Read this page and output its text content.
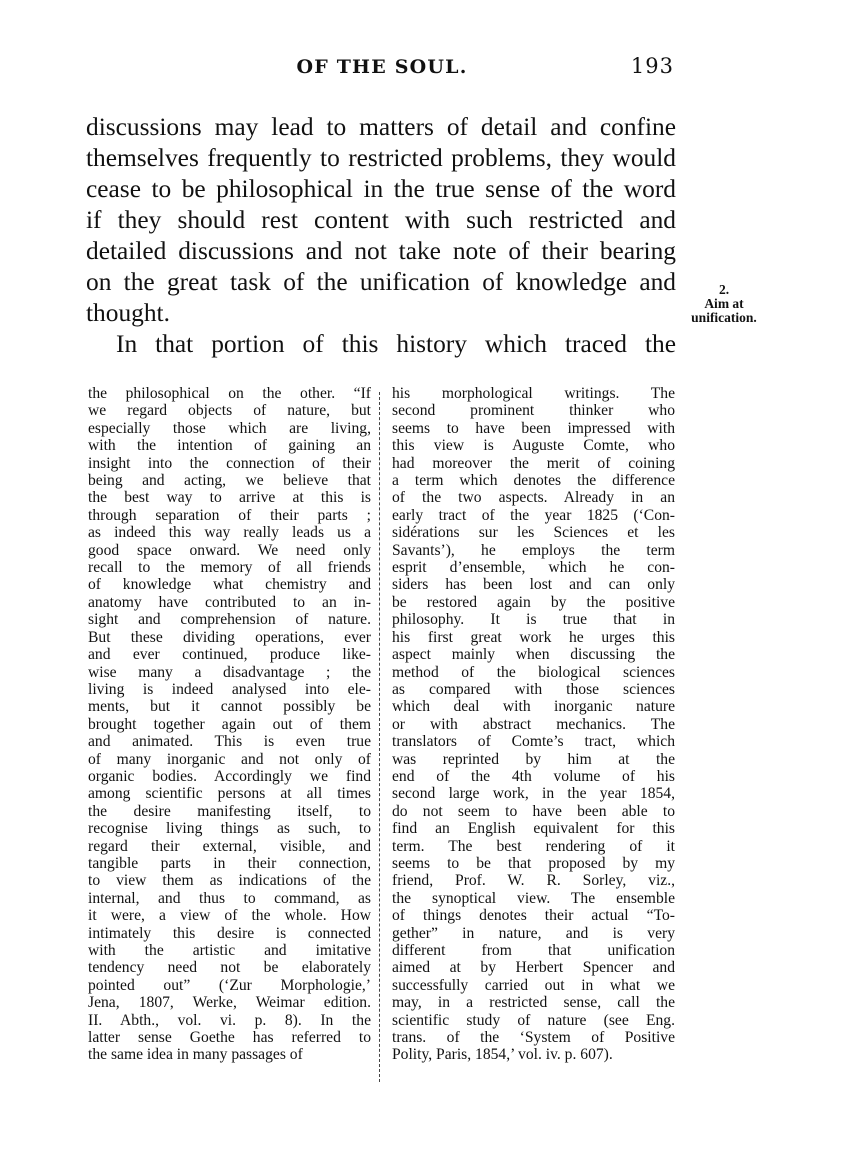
OF THE SOUL.	193
discussions may lead to matters of detail and confine
themselves frequently to restricted problems, they would
cease to be philosophical in the true sense of the word
if they should rest content with such restricted and
detailed discussions and not take note of their bearing
on the great task of the unification of knowledge and
thought.
In that portion of this history which traced the
2.
Aim at
unification.
the philosophical on the other. “If
we regard objects of nature, but
especially those which are living,
with the intention of gaining an
insight into the connection of their
being and acting, we believe that
the best way to arrive at this is
through separation of their parts ;
as indeed this way really leads us a
good space onward. We need only
recall to the memory of all friends
of knowledge what chemistry and
anatomy have contributed to an in-
sight and comprehension of nature.
But these dividing operations, ever
and ever continued, produce like-
wise many a disadvantage ; the
living is indeed analysed into ele-
ments, but it cannot possibly be
brought together again out of them
and animated. This is even true
of many inorganic and not only of
organic bodies. Accordingly we find
among scientific persons at all times
the desire manifesting itself, to
recognise living things as such, to
regard their external, visible, and
tangible parts in their connection,
to view them as indications of the
internal, and thus to command, as
it were, a view of the whole. How
intimately this desire is connected
with the artistic and imitative
tendency need not be elaborately
pointed out” (‘Zur Morphologie,’
Jena, 1807, Werke, Weimar edition.
II. Abth., vol. vi. p. 8). In the
latter sense Goethe has referred to
the same idea in many passages of
his morphological writings. The
second prominent thinker who
seems to have been impressed with
this view is Auguste Comte, who
had moreover the merit of coining
a term which denotes the difference
of the two aspects. Already in an
early tract of the year 1825 (‘Con-
sidérations sur les Sciences et les
Savants’), he employs the term
esprit d’ensemble, which he con-
siders has been lost and can only
be restored again by the positive
philosophy. It is true that in
his first great work he urges this
aspect mainly when discussing the
method of the biological sciences
as compared with those sciences
which deal with inorganic nature
or with abstract mechanics. The
translators of Comte’s tract, which
was reprinted by him at the
end of the 4th volume of his
second large work, in the year 1854,
do not seem to have been able to
find an English equivalent for this
term. The best rendering of it
seems to be that proposed by my
friend, Prof. W. R. Sorley, viz.,
the synoptical view. The ensemble
of things denotes their actual “To-
gether” in nature, and is very
different from that unification
aimed at by Herbert Spencer and
successfully carried out in what we
may, in a restricted sense, call the
scientific study of nature (see Eng.
trans. of the ‘System of Positive
Polity, Paris, 1854,’ vol. iv. p. 607).
